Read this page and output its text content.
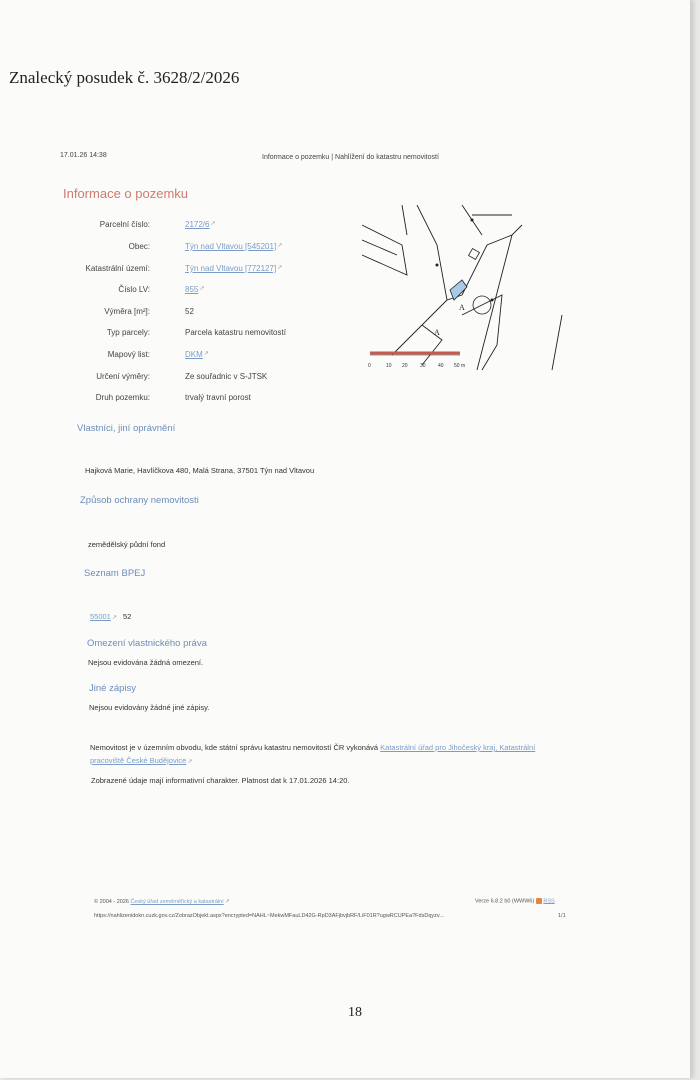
Znalecký posudek č. 3628/2/2026
17.01.26 14:38	Informace o pozemku | Nahlížení do katastru nemovitostí
Informace o pozemku
Parcelní číslo:	2172/6 ↗
Obec:	Týn nad Vltavou [545201] ↗
Katastrální území:	Týn nad Vltavou [772127] ↗
Číslo LV:	855 ↗
Výměra [m²]:	52
Typ parcely:	Parcela katastru nemovitostí
Mapový list:	DKM ↗
Určení výměry:	Ze souřadnic v S-JTSK
Druh pozemku:	trvalý travní porost
A
A
0	10 20 30 40 50 m
Vlastníci, jiní oprávnění
Hajková Marie, Havlíčkova 480, Malá Strana, 37501 Týn nad Vltavou
Způsob ochrany nemovitosti
zemědělský půdní fond
Seznam BPEJ
55001↗ 52
Omezení vlastnického práva
Nejsou evidována žádná omezení.
Jiné zápisy
Nejsou evidovány žádné jiné zápisy.
Nemovitost je v územním obvodu, kde státní správu katastru nemovitostí ČR vykonává Katastrální úřad pro Jihočeský kraj, Katastrální pracoviště České Budějovice↗
Zobrazené údaje mají informativní charakter. Platnost dat k 17.01.2026 14:20.
© 2004 - 2026 Český úřad zeměměřický a katastrální↗	Verze 6.8.2 b0 (WWW6) RSS
https://nahlizenidokn.cuzk.gov.cz/ZobrazObjekt.aspx?encrypted=NAHL~MekwMFauLD42G-RpD3AFjbvjbRF/LiF01R?ugwRCUPEa?FdsDqyzv...	1/1
18
